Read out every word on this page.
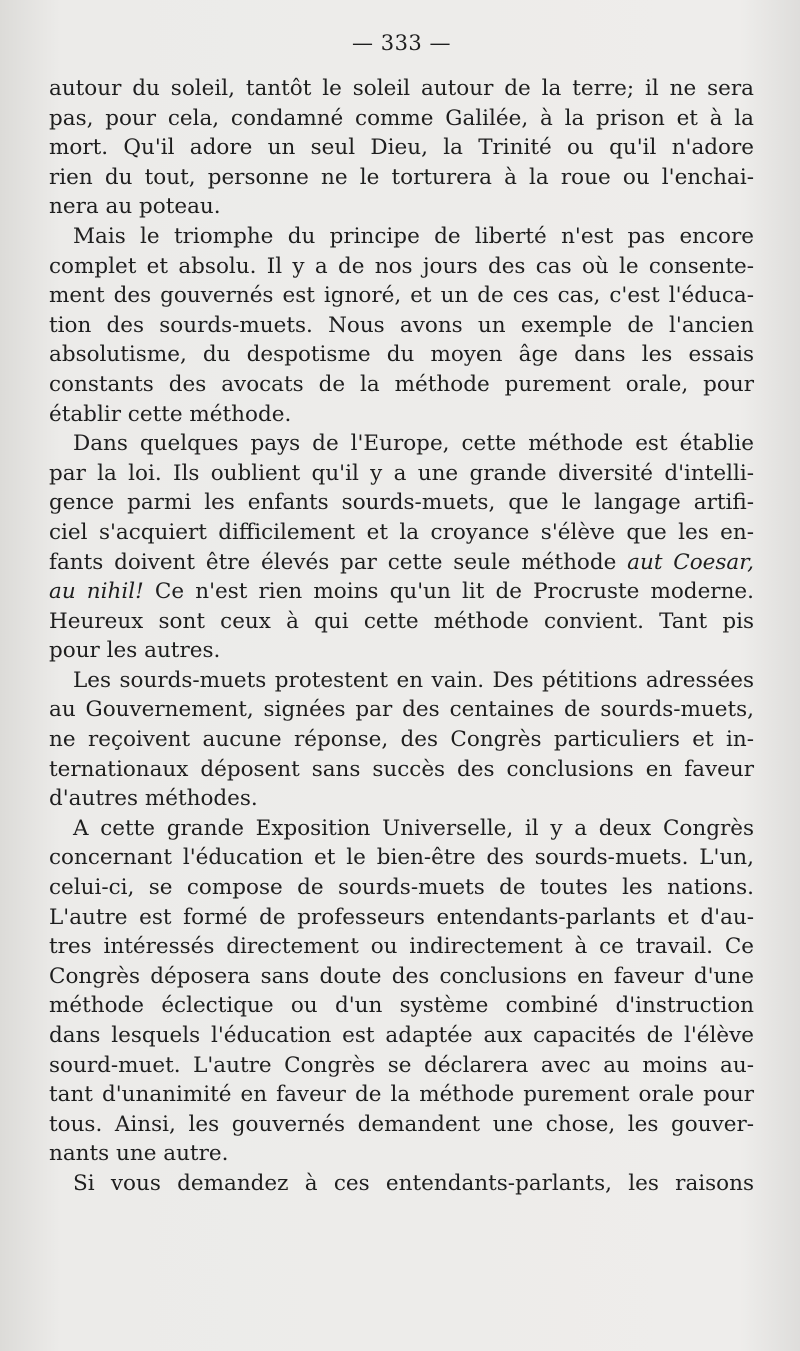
— 333 —
autour du soleil, tantôt le soleil autour de la terre; il ne sera
pas, pour cela, condamné comme Galilée, à la prison et à la
mort. Qu'il adore un seul Dieu, la Trinité ou qu'il n'adore
rien du tout, personne ne le torturera à la roue ou l'enchai-
nera au poteau.
Mais le triomphe du principe de liberté n'est pas encore
complet et absolu. Il y a de nos jours des cas où le consente-
ment des gouvernés est ignoré, et un de ces cas, c'est l'éduca-
tion des sourds-muets. Nous avons un exemple de l'ancien
absolutisme, du despotisme du moyen âge dans les essais
constants des avocats de la méthode purement orale, pour
établir cette méthode.
Dans quelques pays de l'Europe, cette méthode est établie
par la loi. Ils oublient qu'il y a une grande diversité d'intelli-
gence parmi les enfants sourds-muets, que le langage artifi-
ciel s'acquiert difficilement et la croyance s'élève que les en-
fants doivent être élevés par cette seule méthode aut Coesar,
au nihil! Ce n'est rien moins qu'un lit de Procruste moderne.
Heureux sont ceux à qui cette méthode convient. Tant pis
pour les autres.
Les sourds-muets protestent en vain. Des pétitions adressées
au Gouvernement, signées par des centaines de sourds-muets,
ne reçoivent aucune réponse, des Congrès particuliers et in-
ternationaux déposent sans succès des conclusions en faveur
d'autres méthodes.
A cette grande Exposition Universelle, il y a deux Congrès
concernant l'éducation et le bien-être des sourds-muets. L'un,
celui-ci, se compose de sourds-muets de toutes les nations.
L'autre est formé de professeurs entendants-parlants et d'au-
tres intéressés directement ou indirectement à ce travail. Ce
Congrès déposera sans doute des conclusions en faveur d'une
méthode éclectique ou d'un système combiné d'instruction
dans lesquels l'éducation est adaptée aux capacités de l'élève
sourd-muet. L'autre Congrès se déclarera avec au moins au-
tant d'unanimité en faveur de la méthode purement orale pour
tous. Ainsi, les gouvernés demandent une chose, les gouver-
nants une autre.
Si vous demandez à ces entendants-parlants, les raisons
